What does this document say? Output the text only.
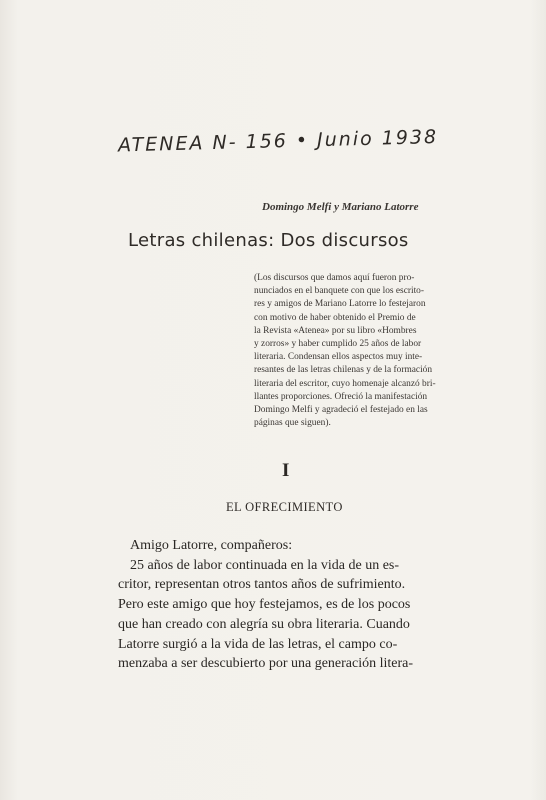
ATENEA N- 156 • Junio 1938
Domingo Melfi y Mariano Latorre
Letras chilenas: Dos discursos
(Los discursos que damos aquí fueron pro-
nunciados en el banquete con que los escrito-
res y amigos de Mariano Latorre lo festejaron
con motivo de haber obtenido el Premio de
la Revista «Atenea» por su libro «Hombres
y zorros» y haber cumplido 25 años de labor
literaria. Condensan ellos aspectos muy inte-
resantes de las letras chilenas y de la formación
literaria del escritor, cuyo homenaje alcanzó bri-
llantes proporciones. Ofreció la manifestación
Domingo Melfi y agradeció el festejado en las
páginas que siguen).
I
EL OFRECIMIENTO
Amigo Latorre, compañeros:
25 años de labor continuada en la vida de un es-
critor, representan otros tantos años de sufrimiento.
Pero este amigo que hoy festejamos, es de los pocos
que han creado con alegría su obra literaria. Cuando
Latorre surgió a la vida de las letras, el campo co-
menzaba a ser descubierto por una generación litera-
